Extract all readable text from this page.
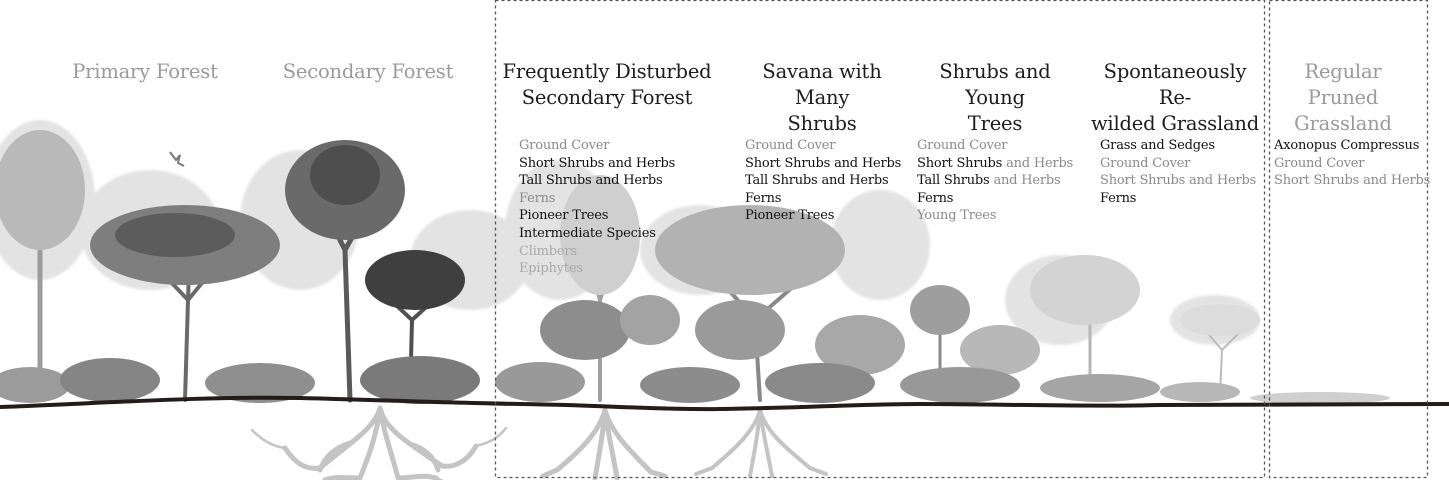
Primary Forest	Secondary Forest	Frequently Disturbed
Secondary Forest
Savana with Many
Shrubs
Shrubs and Young
Trees
Spontaneously Re-
wilded Grassland
Regular Pruned
Grassland
Ground Cover
Short Shrubs and Herbs
Tall Shrubs and Herbs
Ferns
Pioneer Trees
Intermediate Species
Climbers
Epiphytes
Ground Cover
Short Shrubs and Herbs
Tall Shrubs and Herbs
Ferns
Pioneer Trees
Ground Cover
Short Shrubs and Herbs
Tall Shrubs and Herbs
Ferns
Young Trees
Grass and Sedges
Ground Cover
Short Shrubs and Herbs
Ferns
Axonopus Compressus
Ground Cover
Short Shrubs and Herbs
